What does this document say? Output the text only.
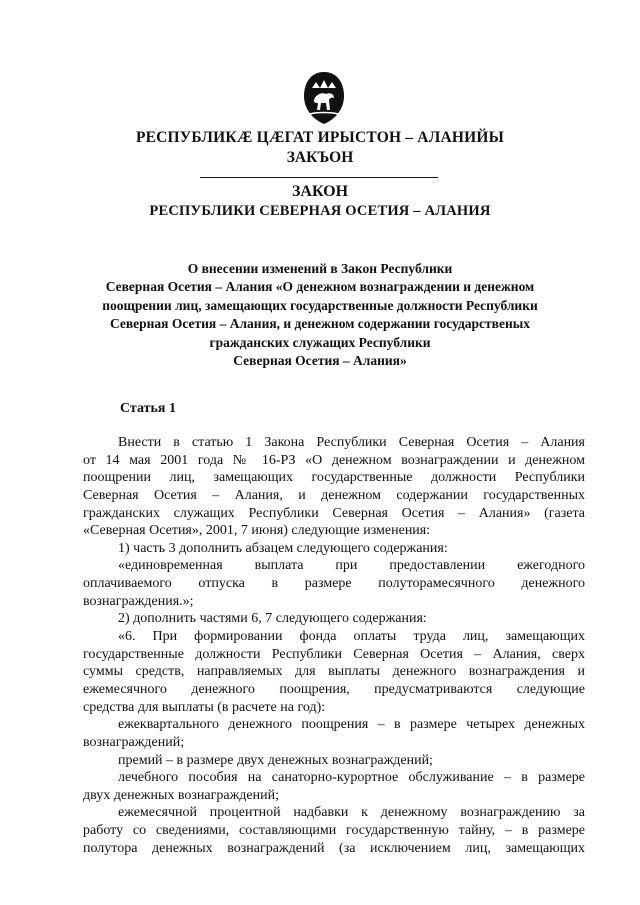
РЕСПУБЛИКӔ ЦӔГАТ ИРЫСТОН – АЛАНИЙЫ
ЗАКЪОН
ЗАКОН
РЕСПУБЛИКИ СЕВЕРНАЯ ОСЕТИЯ – АЛАНИЯ
О внесении изменений в Закон Республики
Северная Осетия – Алания «О денежном вознаграждении и денежном
поощрении лиц, замещающих государственные должности Республики
Северная Осетия – Алания, и денежном содержании государственых
гражданских служащих Республики
Северная Осетия – Алания»
Статья 1
Внести в статью 1 Закона Республики Северная Осетия – Алания
от 14 мая 2001 года № 16-РЗ «О денежном вознаграждении и денежном
поощрении лиц, замещающих государственные должности Республики
Северная Осетия – Алания, и денежном содержании государственных
гражданских служащих Республики Северная Осетия – Алания» (газета
«Северная Осетия», 2001, 7 июня) следующие изменения:
1) часть 3 дополнить абзацем следующего содержания:
«единовременная выплата при предоставлении ежегодного
оплачиваемого отпуска в размере полуторамесячного денежного
вознаграждения.»;
2) дополнить частями 6, 7 следующего содержания:
«6. При формировании фонда оплаты труда лиц, замещающих
государственные должности Республики Северная Осетия – Алания, сверх
суммы средств, направляемых для выплаты денежного вознаграждения и
ежемесячного денежного поощрения, предусматриваются следующие
средства для выплаты (в расчете на год):
ежеквартального денежного поощрения – в размере четырех денежных
вознаграждений;
премий – в размере двух денежных вознаграждений;
лечебного пособия на санаторно-курортное обслуживание – в размере
двух денежных вознаграждений;
ежемесячной процентной надбавки к денежному вознаграждению за
работу со сведениями, составляющими государственную тайну, – в размере
полутора денежных вознаграждений (за исключением лиц, замещающих
